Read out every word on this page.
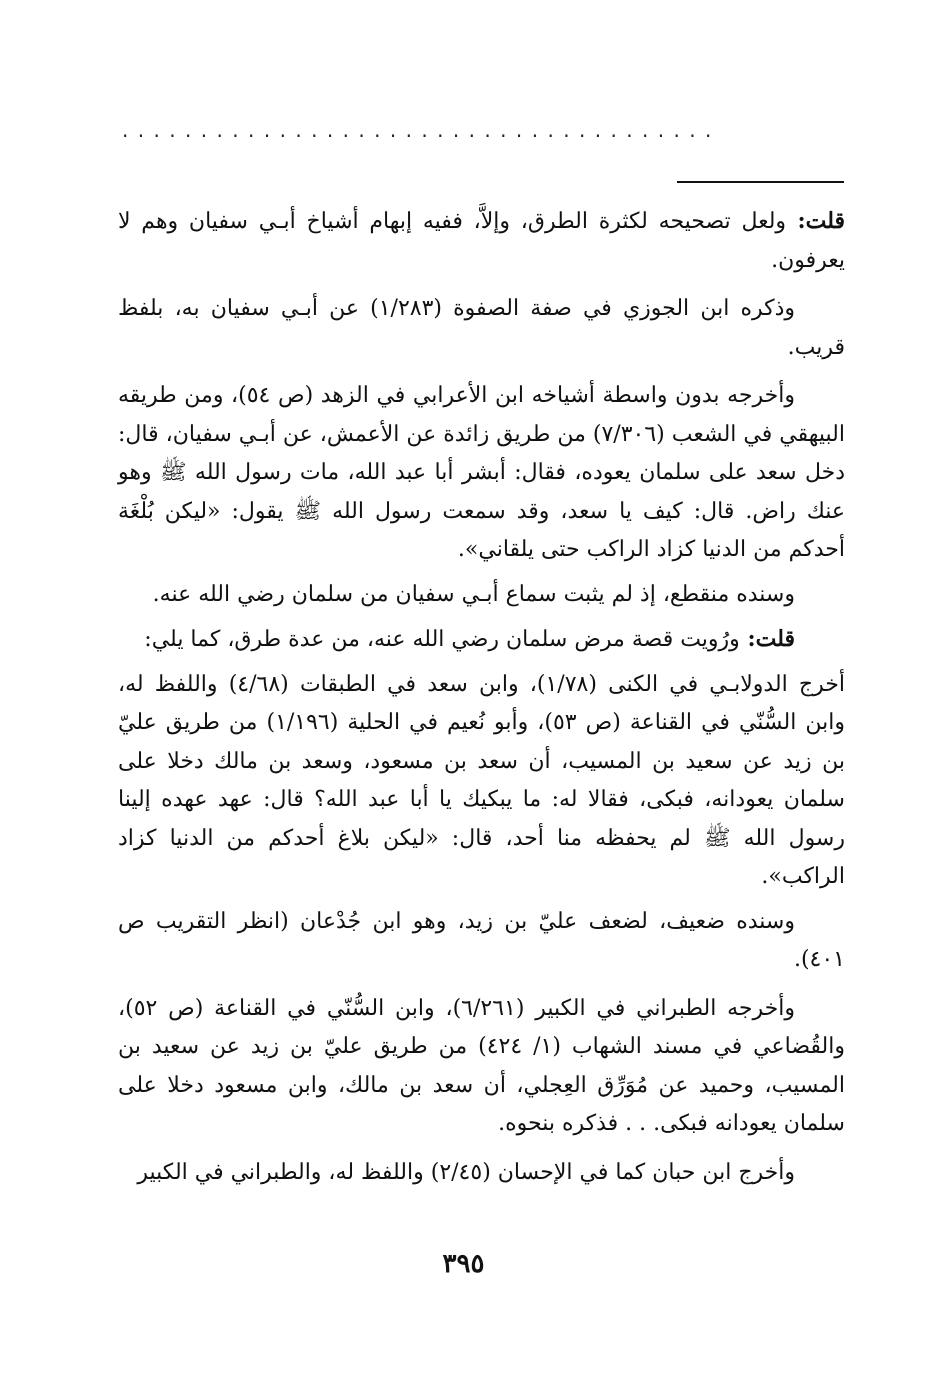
......................................

قلت: ولعل تصحيحه لكثرة الطرق، وإلاَّ، ففيه إبهام أشياخ أبـي سفيان وهم لا يعرفون.

وذكره ابن الجوزي في صفة الصفوة (١/٢٨٣) عن أبـي سفيان به، بلفظ قريب.

وأخرجه بدون واسطة أشياخه ابن الأعرابي في الزهد (ص ٥٤)، ومن طريقه البيهقي في الشعب (٧/٣٠٦) من طريق زائدة عن الأعمش، عن أبـي سفيان، قال: دخل سعد على سلمان يعوده، فقال: أبشر أبا عبد الله، مات رسول الله ﷺ وهو عنك راض. قال: كيف يا سعد، وقد سمعت رسول الله ﷺ يقول: «ليكن بُلْغَة أحدكم من الدنيا كزاد الراكب حتى يلقاني».

وسنده منقطع، إذ لم يثبت سماع أبـي سفيان من سلمان رضي الله عنه.

قلت: ورُويت قصة مرض سلمان رضي الله عنه، من عدة طرق، كما يلي:

أخرج الدولابـي في الكنى (١/٧٨)، وابن سعد في الطبقات (٤/٦٨) واللفظ له، وابن السُّنّي في القناعة (ص ٥٣)، وأبو نُعيم في الحلية (١/١٩٦) من طريق عليّ بن زيد عن سعيد بن المسيب، أن سعد بن مسعود، وسعد بن مالك دخلا على سلمان يعودانه، فبكى، فقالا له: ما يبكيك يا أبا عبد الله؟ قال: عهد عهده إلينا رسول الله ﷺ لم يحفظه منا أحد، قال: «ليكن بلاغ أحدكم من الدنيا كزاد الراكب».

وسنده ضعيف، لضعف عليّ بن زيد، وهو ابن جُدْعان (انظر التقريب ص ٤٠١).

وأخرجه الطبراني في الكبير (٦/٢٦١)، وابن السُّنّي في القناعة (ص ٥٢)، والقُضاعي في مسند الشهاب (١/ ٤٢٤) من طريق عليّ بن زيد عن سعيد بن المسيب، وحميد عن مُوَرِّق العِجلي، أن سعد بن مالك، وابن مسعود دخلا على سلمان يعودانه فبكى. . . فذكره بنحوه.

وأخرج ابن حبان كما في الإحسان (٢/٤٥) واللفظ له، والطبراني في الكبير

٣٩٥
